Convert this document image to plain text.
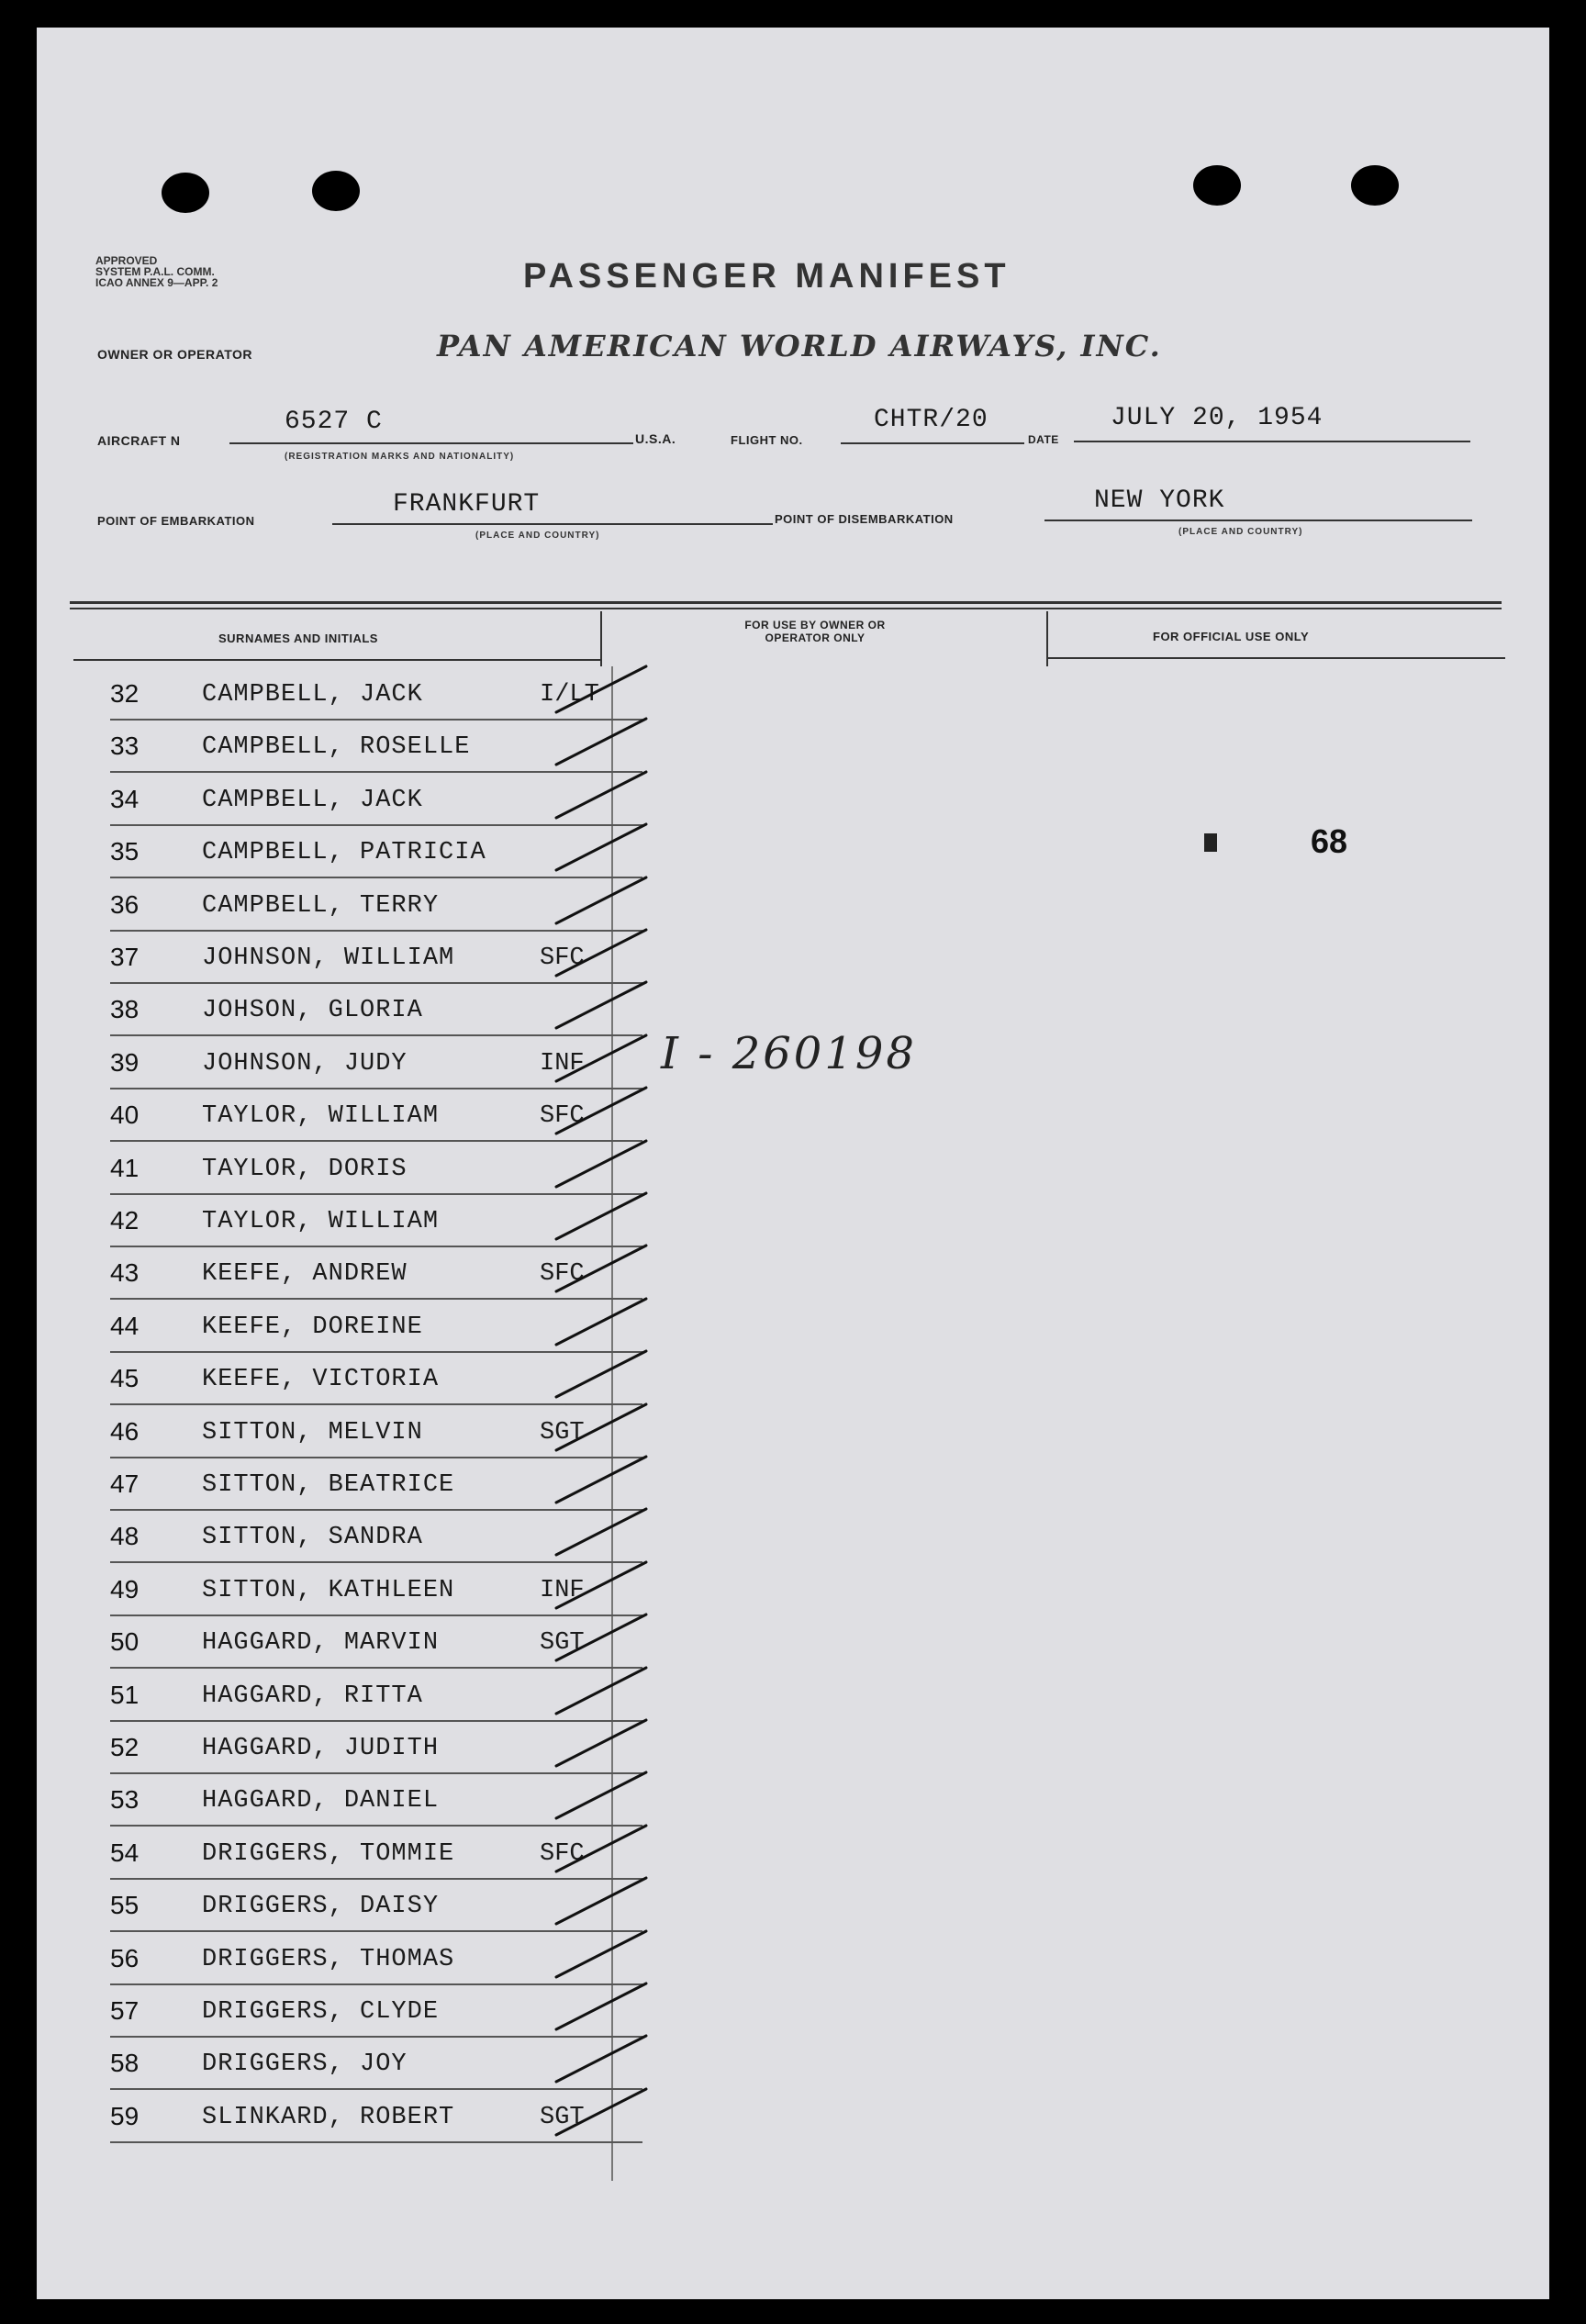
APPROVED
SYSTEM P.A.L. COMM.
ICAO ANNEX 9—APP. 2	PASSENGER MANIFEST
OWNER OR OPERATOR	PAN AMERICAN WORLD AIRWAYS, INC.
AIRCRAFT N
6527 C
(REGISTRATION MARKS AND NATIONALITY)
U.S.A.	FLIGHT NO.
CHTR/20
DATE
JULY 20, 1954
POINT OF EMBARKATION
FRANKFURT
(PLACE AND COUNTRY)
POINT OF DISEMBARKATION
NEW YORK
(PLACE AND COUNTRY)
SURNAMES AND INITIALS
FOR USE BY OWNER OR OPERATOR ONLY	FOR OFFICIAL USE ONLY
32	CAMPBELL, JACK	I/LT
33	CAMPBELL, ROSELLE
34	CAMPBELL, JACK
35	CAMPBELL, PATRICIA
36	CAMPBELL, TERRY
37	JOHNSON, WILLIAM	SFC
38	JOHSON, GLORIA
39	JOHNSON, JUDY	INF
40	TAYLOR, WILLIAM	SFC
41	TAYLOR, DORIS
42	TAYLOR, WILLIAM
43	KEEFE, ANDREW	SFC
44	KEEFE, DOREINE
45	KEEFE, VICTORIA
46	SITTON, MELVIN	SGT
47	SITTON, BEATRICE
48	SITTON, SANDRA
49	SITTON, KATHLEEN	INF
50	HAGGARD, MARVIN	SGT
51	HAGGARD, RITTA
52	HAGGARD, JUDITH
53	HAGGARD, DANIEL
54	DRIGGERS, TOMMIE	SFC
55	DRIGGERS, DAISY
56	DRIGGERS, THOMAS
57	DRIGGERS, CLYDE
58	DRIGGERS, JOY
59	SLINKARD, ROBERT	SGT
I - 260198
68
